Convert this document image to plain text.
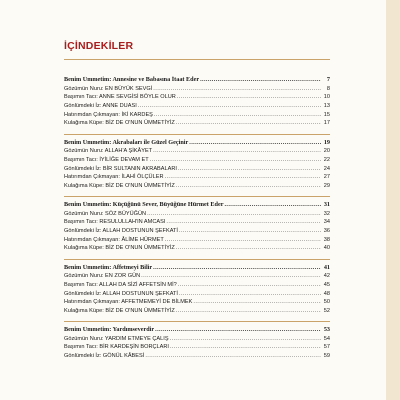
İÇİNDEKİLER
Benim Ümmetim: Annesine ve Babasına İtaat Eder .....	7
Gözümün Nuru: EN BÜYÜK SEVGİ .....	8
Başımın Tacı: ANNE SEVGİSİ BÖYLE OLUR .....	10
Gönlümdeki İz: ANNE DUASI .....	13
Hatırımdan Çıkmayan: İKİ KARDEŞ .....	15
Kulağıma Küpe: BİZ DE O'NUN ÜMMETİYİZ .....	17
Benim Ümmetim: Akrabaları ile Güzel Geçinir .....	19
Gözümün Nuru: ALLAH'A ŞİKÂYET .....	20
Başımın Tacı: İYİLİĞE DEVAM ET .....	22
Gönlümdeki İz: BİR SULTANIN AKRABALARI .....	24
Hatırımdan Çıkmayan: İLAHİ ÖLÇÜLER .....	27
Kulağıma Küpe: BİZ DE O'NUN ÜMMETİYİZ .....	29
Benim Ümmetim: Küçüğünü Sever, Büyüğüne Hürmet Eder .....	31
Gözümün Nuru: SÖZ BÜYÜĞÜN .....	32
Başımın Tacı: RESULULLAH'IN AMCASI .....	34
Gönlümdeki İz: ALLAH DOSTUNUN ŞEFKATİ .....	36
Hatırımdan Çıkmayan: ÂLİME HÜRMET .....	38
Kulağıma Küpe: BİZ DE O'NUN ÜMMETİYİZ .....	40
Benim Ümmetim: Affetmeyi Bilir .....	41
Gözümün Nuru: EN ZOR GÜN .....	42
Başımın Tacı: ALLAH DA SİZİ AFFETSİN Mİ? .....	45
Gönlümdeki İz: ALLAH DOSTUNUN ŞEFKATİ .....	48
Hatırımdan Çıkmayan: AFFETMEMEYİ DE BİLMEK .....	50
Kulağıma Küpe: BİZ DE O'NUN ÜMMETİYİZ .....	52
Benim Ümmetim: Yardımseverdir .....	53
Gözümün Nuru: YARDIM ETMEYE ÇALIŞ .....	54
Başımın Tacı: BİR KARDEŞİN BORÇLARI .....	57
Gönlümdeki İz: GÖNÜL KÂBESİ .....	59
